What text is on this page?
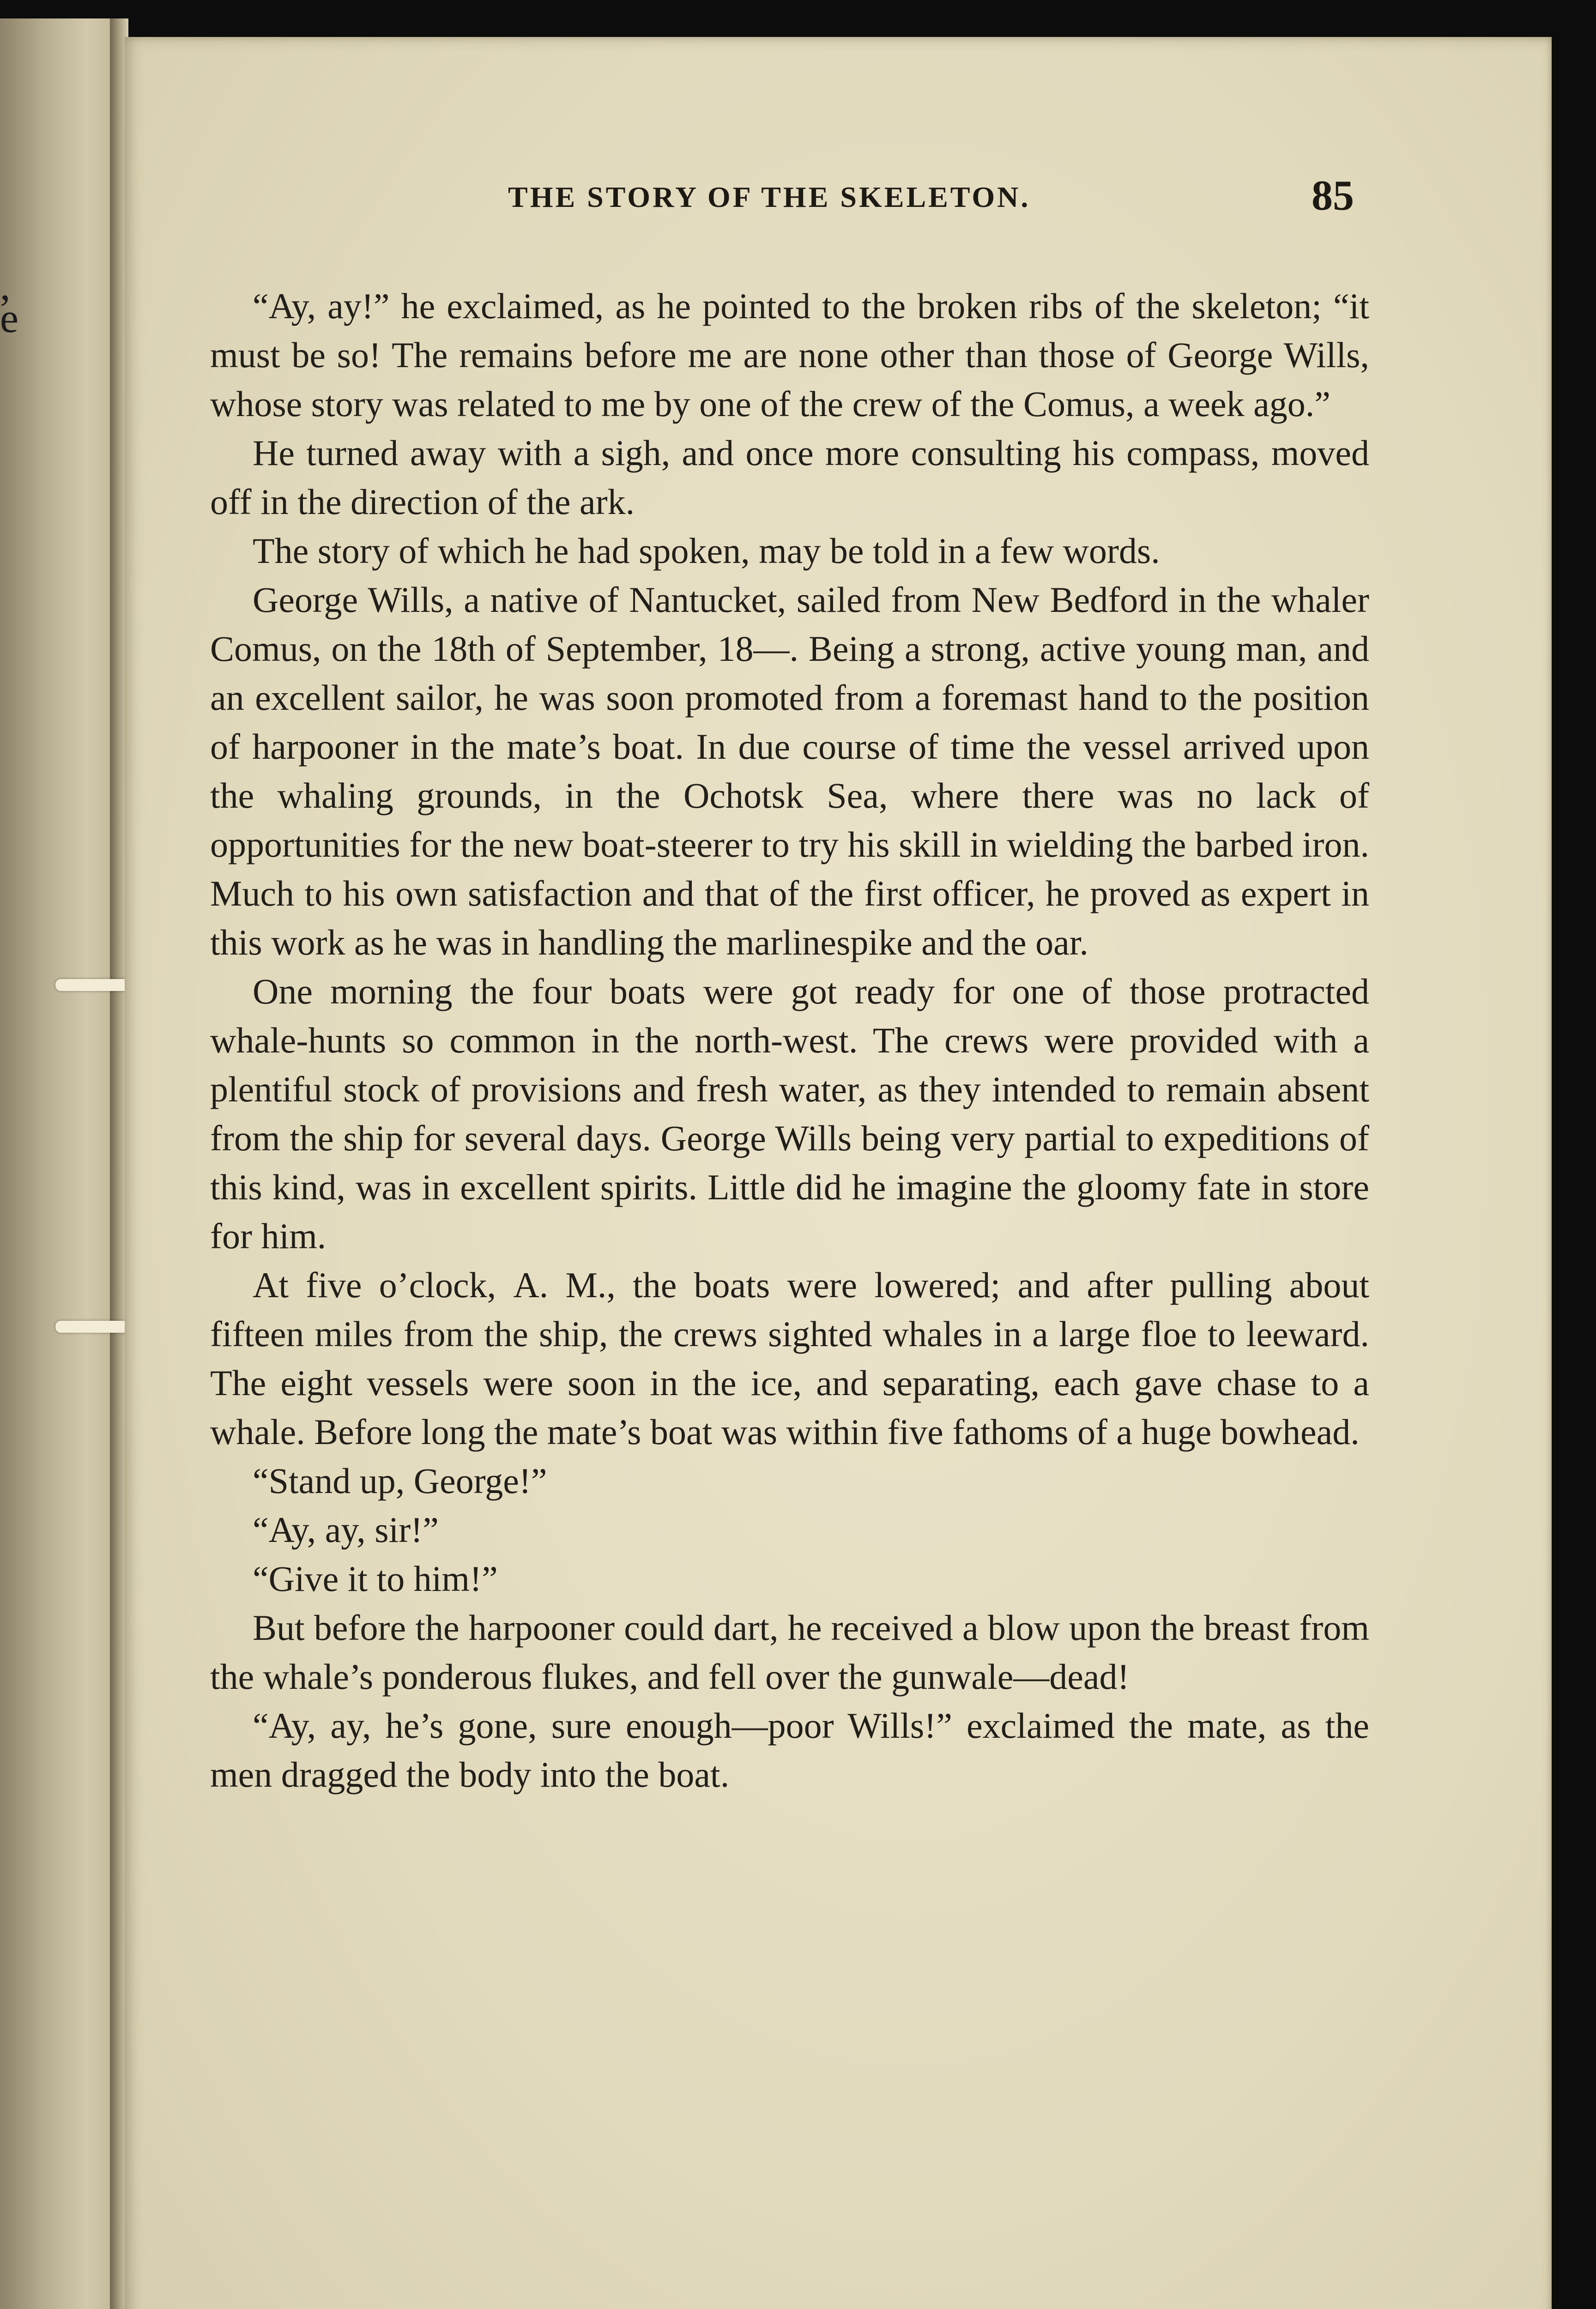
,
e
THE STORY OF THE SKELETON.	85

“Ay, ay!” he exclaimed, as he pointed to the broken ribs of the skeleton; “it must be so! The remains before me are none other than those of George Wills, whose story was related to me by one of the crew of the Comus, a week ago.”

He turned away with a sigh, and once more consulting his compass, moved off in the direction of the ark.

The story of which he had spoken, may be told in a few words.

George Wills, a native of Nantucket, sailed from New Bedford in the whaler Comus, on the 18th of September, 18—. Being a strong, active young man, and an excellent sailor, he was soon promoted from a foremast hand to the position of harpooner in the mate’s boat. In due course of time the vessel arrived upon the whaling grounds, in the Ochotsk Sea, where there was no lack of opportunities for the new boat-steerer to try his skill in wielding the barbed iron. Much to his own satisfaction and that of the first officer, he proved as expert in this work as he was in handling the marlinespike and the oar.

One morning the four boats were got ready for one of those protracted whale-hunts so common in the north-west. The crews were provided with a plentiful stock of provisions and fresh water, as they intended to remain absent from the ship for several days. George Wills being very partial to expeditions of this kind, was in excellent spirits. Little did he imagine the gloomy fate in store for him.

At five o’clock, A. M., the boats were lowered; and after pulling about fifteen miles from the ship, the crews sighted whales in a large floe to leeward. The eight vessels were soon in the ice, and separating, each gave chase to a whale. Before long the mate’s boat was within five fathoms of a huge bowhead.

“Stand up, George!”

“Ay, ay, sir!”

“Give it to him!”

But before the harpooner could dart, he received a blow upon the breast from the whale’s ponderous flukes, and fell over the gunwale—dead!

“Ay, ay, he’s gone, sure enough—poor Wills!” exclaimed the mate, as the men dragged the body into the boat.
